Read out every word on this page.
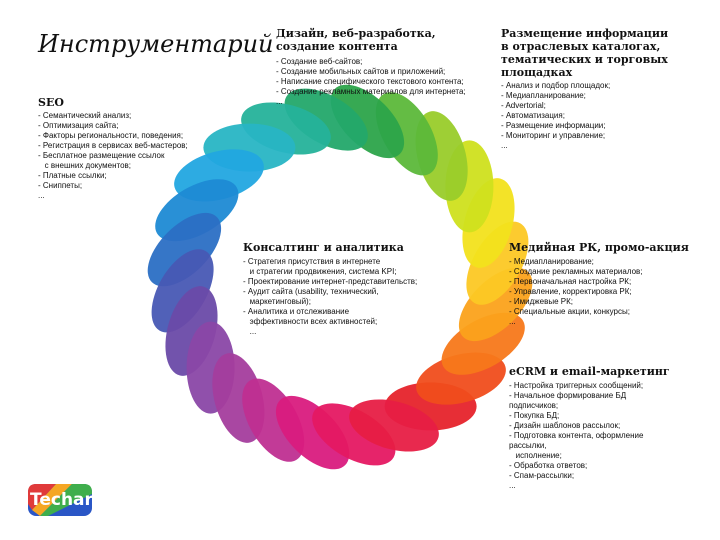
Инструментарий Дизайн, веб-разработка,
создание контента
- Создание веб-сайтов;
- Создание мобильных сайтов и приложений;
- Написание специфического текстового контента;
- Создание рекламных материалов для интернета;
...
Размещение информации
в отраслевых каталогах,
тематических и торговых
площадках
- Анализ и подбор площадок;
- Медиапланирование;
- Advertorial;
- Автоматизация;
- Размещение информации;
- Мониторинг и управление;
...
SEO
- Семантический анализ;
- Оптимизация сайта;
- Факторы региональности, поведения;
- Регистрация в сервисах веб-мастеров;
- Бесплатное размещение ссылок
с внешних документов;
- Платные ссылки;
- Сниппеты;
...
Консалтинг и аналитика
- Стратегия присутствия в интернете
и стратегии продвижения, система KPI;
- Проектирование интернет-представительств;
- Аудит сайта (usability, технический,
маркетинговый);
- Аналитика и отслеживание
эффективности всех активностей;
...
Медийная РК, промо-акция
- Медиапланирование;
- Создание рекламных материалов;
- Первоначальная настройка РК;
- Управление, корректировка РК;
- Имиджевые РК;
- Специальные акции, конкурсы;
...
eCRM и email-маркетинг
- Настройка триггерных сообщений;
- Начальное формирование БД
подписчиков;
- Покупка БД;
- Дизайн шаблонов рассылок;
- Подготовка контента, оформление
рассылки,
исполнение;
- Обработка ответов;
- Спам-рассылки;
...
Techart
